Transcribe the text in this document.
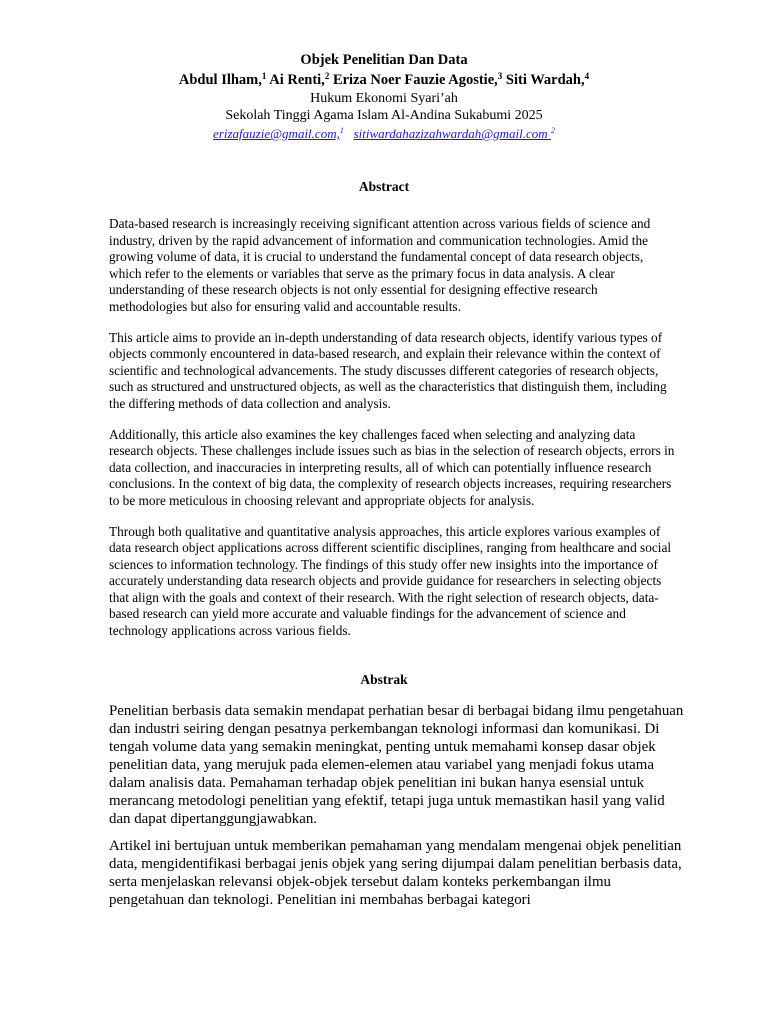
Objek Penelitian Dan Data
Abdul Ilham,$^1$ Ai Renti,$^2$ Eriza Noer Fauzie Agostie,$^3$ Siti Wardah,$^4$
Hukum Ekonomi Syari’ah
Sekolah Tinggi Agama Islam Al-Andina Sukabumi 2025
erizafauzie@gmail.com,$^1$ sitiwardahazizahwardah@gmail.com $^2$
Abstract

Data-based research is increasingly receiving significant attention across various fields of science and industry, driven by the rapid advancement of information and communication technologies. Amid the growing volume of data, it is crucial to understand the fundamental concept of data research objects, which refer to the elements or variables that serve as the primary focus in data analysis. A clear understanding of these research objects is not only essential for designing effective research methodologies but also for ensuring valid and accountable results.

This article aims to provide an in-depth understanding of data research objects, identify various types of objects commonly encountered in data-based research, and explain their relevance within the context of scientific and technological advancements. The study discusses different categories of research objects, such as structured and unstructured objects, as well as the characteristics that distinguish them, including the differing methods of data collection and analysis.

Additionally, this article also examines the key challenges faced when selecting and analyzing data research objects. These challenges include issues such as bias in the selection of research objects, errors in data collection, and inaccuracies in interpreting results, all of which can potentially influence research conclusions. In the context of big data, the complexity of research objects increases, requiring researchers to be more meticulous in choosing relevant and appropriate objects for analysis.

Through both qualitative and quantitative analysis approaches, this article explores various examples of data research object applications across different scientific disciplines, ranging from healthcare and social sciences to information technology. The findings of this study offer new insights into the importance of accurately understanding data research objects and provide guidance for researchers in selecting objects that align with the goals and context of their research. With the right selection of research objects, data-based research can yield more accurate and valuable findings for the advancement of science and technology applications across various fields.

Abstrak

Penelitian berbasis data semakin mendapat perhatian besar di berbagai bidang ilmu pengetahuan dan industri seiring dengan pesatnya perkembangan teknologi informasi dan komunikasi. Di tengah volume data yang semakin meningkat, penting untuk memahami konsep dasar objek penelitian data, yang merujuk pada elemen-elemen atau variabel yang menjadi fokus utama dalam analisis data. Pemahaman terhadap objek penelitian ini bukan hanya esensial untuk merancang metodologi penelitian yang efektif, tetapi juga untuk memastikan hasil yang valid dan dapat dipertanggungjawabkan.

Artikel ini bertujuan untuk memberikan pemahaman yang mendalam mengenai objek penelitian data, mengidentifikasi berbagai jenis objek yang sering dijumpai dalam penelitian berbasis data, serta menjelaskan relevansi objek-objek tersebut dalam konteks perkembangan ilmu pengetahuan dan teknologi. Penelitian ini membahas berbagai kategori
